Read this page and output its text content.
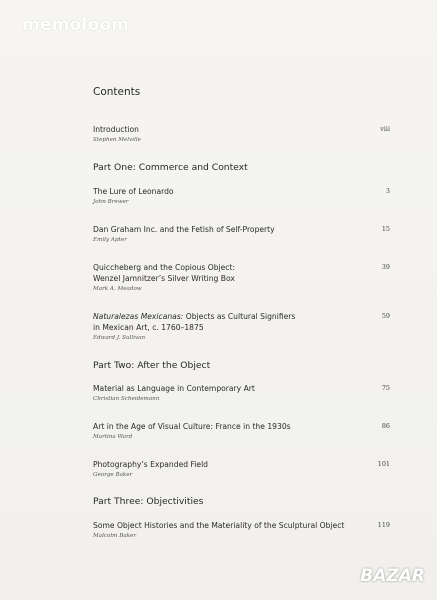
memoloom
Contents
Introduction
Stephen Melville
viii
Part One: Commerce and Context
The Lure of Leonardo
John Brewer
3
Dan Graham Inc. and the Fetish of Self-Property
Emily Apter
15
Quiccheberg and the Copious Object:
Wenzel Jamnitzer’s Silver Writing Box
Mark A. Meadow
39
Naturalezas Mexicanas: Objects as Cultural Signifiers
in Mexican Art, c. 1760–1875
Edward J. Sullivan
59
Part Two: After the Object
Material as Language in Contemporary Art
Christian Scheidemann
75
Art in the Age of Visual Culture: France in the 1930s
Martina Ward
86
Photography’s Expanded Field
George Baker
101
Part Three: Objectivities
Some Object Histories and the Materiality of the Sculptural Object
Malcolm Baker
119
BAZAR
